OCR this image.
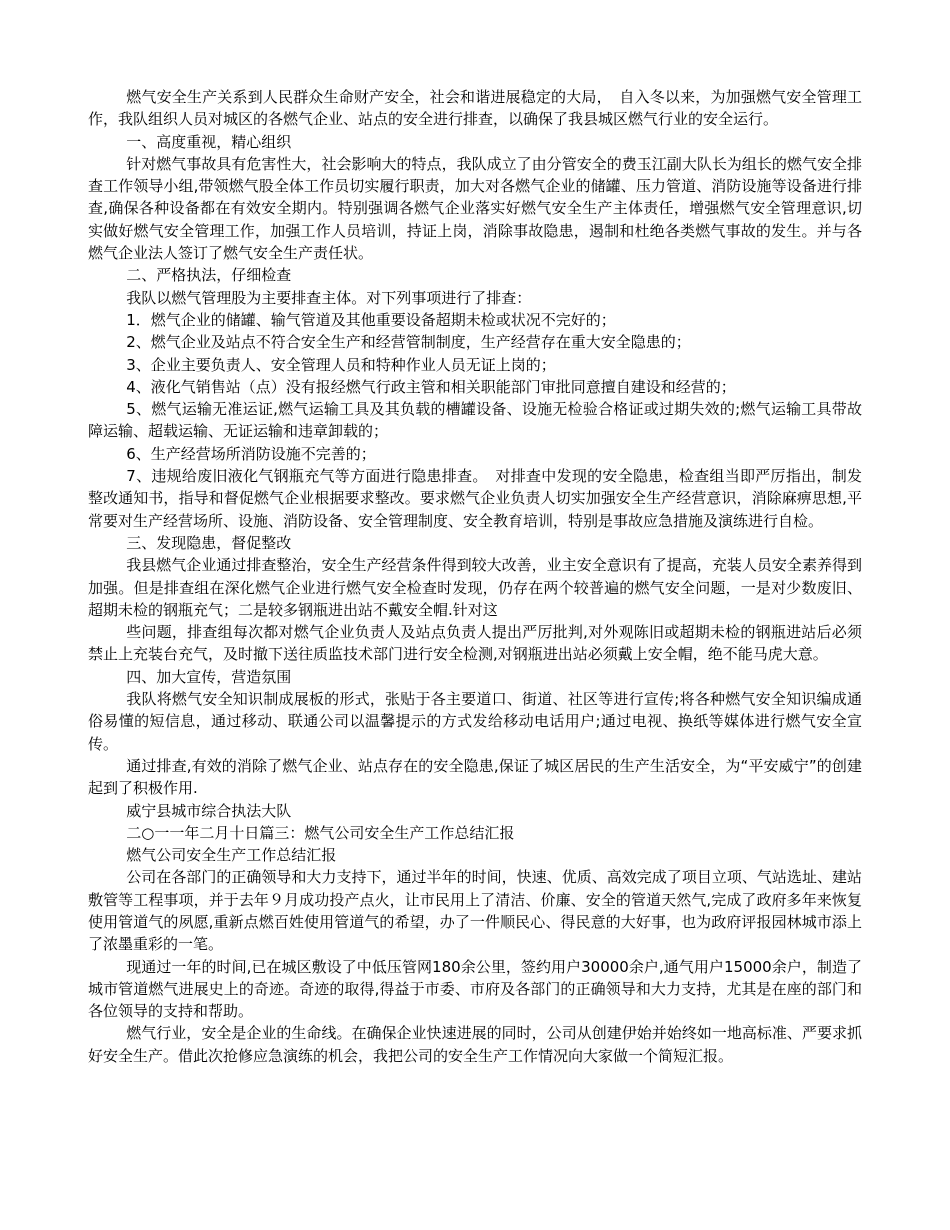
燃气安全生产关系到人民群众生命财产安全，社会和谐进展稳定的大局，　自入冬以来，为加强燃气安全管理工作，我队组织人员对城区的各燃气企业、站点的安全进行排查，以确保了我县城区燃气行业的安全运行。

一、高度重视，精心组织

针对燃气事故具有危害性大，社会影响大的特点，我队成立了由分管安全的费玉江副大队长为组长的燃气安全排查工作领导小组,带领燃气股全体工作员切实履行职责，加大对各燃气企业的储罐、压力管道、消防设施等设备进行排查,确保各种设备都在有效安全期内。特别强调各燃气企业落实好燃气安全生产主体责任，增强燃气安全管理意识,切实做好燃气安全管理工作，加强工作人员培训，持证上岗，消除事故隐患，遏制和杜绝各类燃气事故的发生。并与各燃气企业法人签订了燃气安全生产责任状。

二、严格执法，仔细检查

我队以燃气管理股为主要排查主体。对下列事项进行了排查：

1．燃气企业的储罐、输气管道及其他重要设备超期未检或状况不完好的；

2、燃气企业及站点不符合安全生产和经营管制制度，生产经营存在重大安全隐患的；

3、企业主要负责人、安全管理人员和特种作业人员无证上岗的；

4、液化气销售站（点）没有报经燃气行政主管和相关职能部门审批同意擅自建设和经营的；

5、燃气运输无准运证,燃气运输工具及其负载的槽罐设备、设施无检验合格证或过期失效的;燃气运输工具带故障运输、超载运输、无证运输和违章卸载的；

6、生产经营场所消防设施不完善的；

7、违规给废旧液化气钢瓶充气等方面进行隐患排查。　对排查中发现的安全隐患，检查组当即严厉指出，制发整改通知书，指导和督促燃气企业根据要求整改。要求燃气企业负责人切实加强安全生产经营意识，消除麻痹思想,平常要对生产经营场所、设施、消防设备、安全管理制度、安全教育培训，特别是事故应急措施及演练进行自检。

三、发现隐患，督促整改

我县燃气企业通过排查整治，安全生产经营条件得到较大改善，业主安全意识有了提高，充装人员安全素养得到加强。但是排查组在深化燃气企业进行燃气安全检查时发现，仍存在两个较普遍的燃气安全问题，一是对少数废旧、超期未检的钢瓶充气；二是较多钢瓶进出站不戴安全帽.针对这

些问题，排查组每次都对燃气企业负责人及站点负责人提出严厉批判,对外观陈旧或超期未检的钢瓶进站后必须禁止上充装台充气，及时撤下送往质监技术部门进行安全检测,对钢瓶进出站必须戴上安全帽，绝不能马虎大意。

四、加大宣传，营造氛围

我队将燃气安全知识制成展板的形式，张贴于各主要道口、街道、社区等进行宣传;将各种燃气安全知识编成通俗易懂的短信息，通过移动、联通公司以温馨提示的方式发给移动电话用户;通过电视、换纸等媒体进行燃气安全宣传。

通过排查,有效的消除了燃气企业、站点存在的安全隐患,保证了城区居民的生产生活安全，为“平安威宁”的创建起到了积极作用.

威宁县城市综合执法大队

二○一一年二月十日篇三：燃气公司安全生产工作总结汇报

燃气公司安全生产工作总结汇报

公司在各部门的正确领导和大力支持下，通过半年的时间，快速、优质、高效完成了项目立项、气站选址、建站敷管等工程事项，并于去年９月成功投产点火，让市民用上了清洁、价廉、安全的管道天然气,完成了政府多年来恢复使用管道气的夙愿,重新点燃百姓使用管道气的希望，办了一件顺民心、得民意的大好事，也为政府评报园林城市添上了浓墨重彩的一笔。

现通过一年的时间,已在城区敷设了中低压管网180余公里，签约用户30000余户,通气用户15000余户，制造了城市管道燃气进展史上的奇迹。奇迹的取得,得益于市委、市府及各部门的正确领导和大力支持，尤其是在座的部门和各位领导的支持和帮助。

燃气行业，安全是企业的生命线。在确保企业快速进展的同时，公司从创建伊始并始终如一地高标准、严要求抓好安全生产。借此次抢修应急演练的机会，我把公司的安全生产工作情况向大家做一个简短汇报。
